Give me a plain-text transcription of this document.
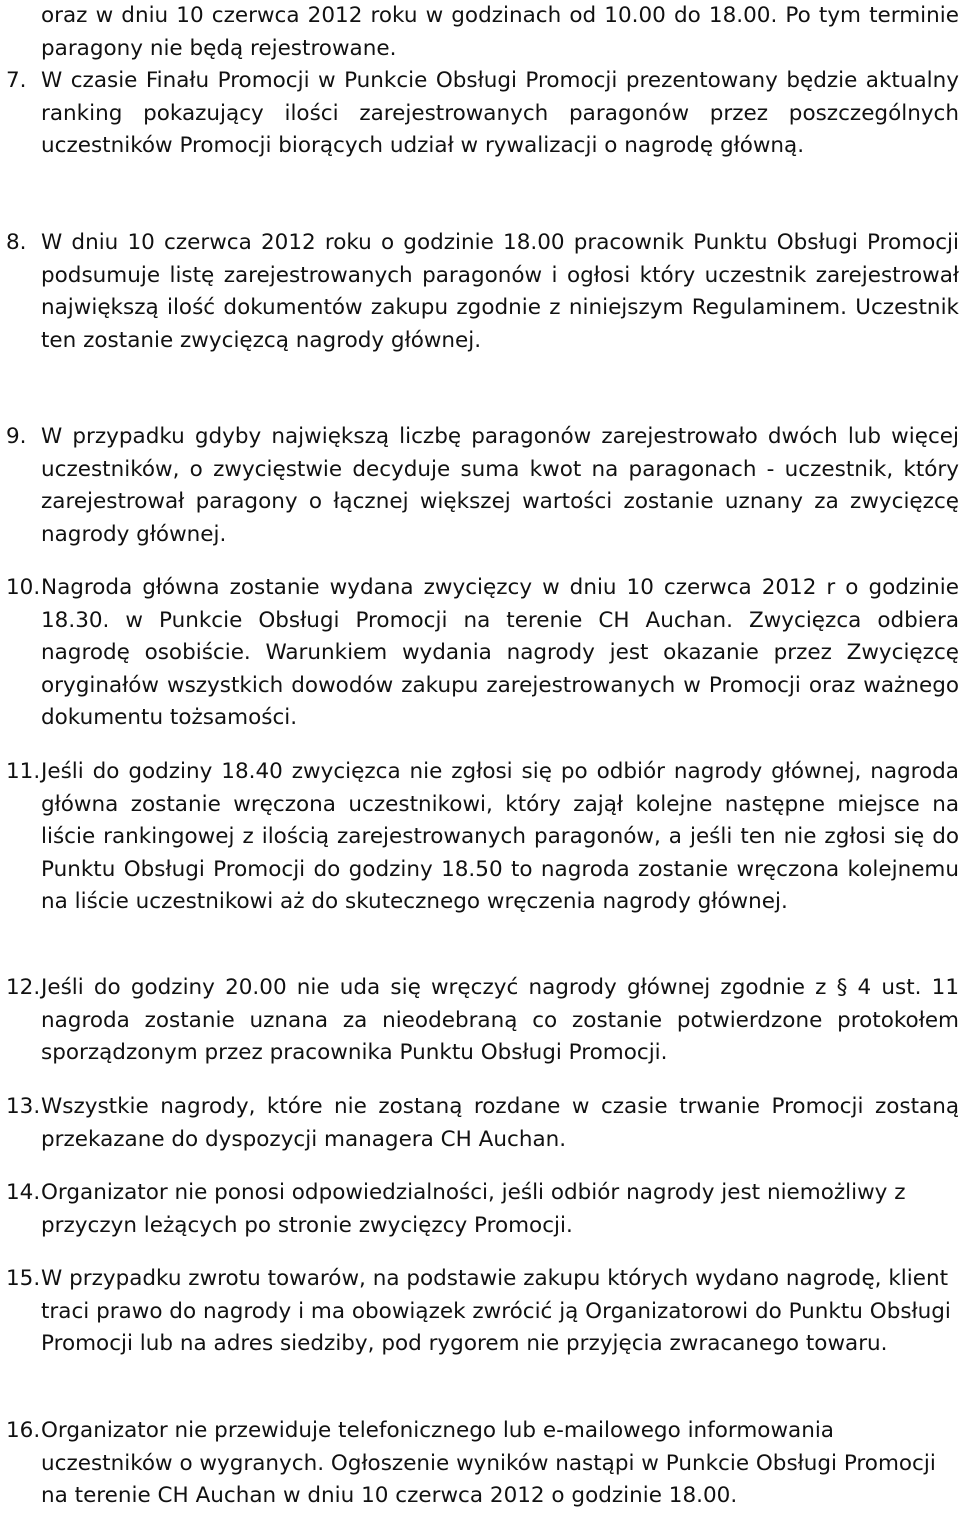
oraz w dniu 10 czerwca 2012 roku w godzinach od 10.00 do 18.00. Po tym terminie paragony nie będą rejestrowane.
7. W czasie Finału Promocji w Punkcie Obsługi Promocji prezentowany będzie aktualny ranking pokazujący ilości zarejestrowanych paragonów przez poszczególnych uczestników Promocji biorących udział w rywalizacji o nagrodę główną.
8. W dniu 10 czerwca 2012 roku o godzinie 18.00 pracownik Punktu Obsługi Promocji podsumuje listę zarejestrowanych paragonów i ogłosi który uczestnik zarejestrował największą ilość dokumentów zakupu zgodnie z niniejszym Regulaminem. Uczestnik ten zostanie zwycięzcą nagrody głównej.
9. W przypadku gdyby największą liczbę paragonów zarejestrowało dwóch lub więcej uczestników, o zwycięstwie decyduje suma kwot na paragonach - uczestnik, który zarejestrował paragony o łącznej większej wartości zostanie uznany za zwycięzcę nagrody głównej.
10. Nagroda główna zostanie wydana zwycięzcy w dniu 10 czerwca 2012 r o godzinie 18.30. w Punkcie Obsługi Promocji na terenie CH Auchan. Zwycięzca odbiera nagrodę osobiście. Warunkiem wydania nagrody jest okazanie przez Zwycięzcę oryginałów wszystkich dowodów zakupu zarejestrowanych w Promocji oraz ważnego dokumentu tożsamości.
11. Jeśli do godziny 18.40 zwycięzca nie zgłosi się po odbiór nagrody głównej, nagroda główna zostanie wręczona uczestnikowi, który zajął kolejne następne miejsce na liście rankingowej z ilością zarejestrowanych paragonów, a jeśli ten nie zgłosi się do Punktu Obsługi Promocji do godziny 18.50 to nagroda zostanie wręczona kolejnemu na liście uczestnikowi aż do skutecznego wręczenia nagrody głównej.
12. Jeśli do godziny 20.00 nie uda się wręczyć nagrody głównej zgodnie z § 4 ust. 11 nagroda zostanie uznana za nieodebraną co zostanie potwierdzone protokołem sporządzonym przez pracownika Punktu Obsługi Promocji.
13. Wszystkie nagrody, które nie zostaną rozdane w czasie trwanie Promocji zostaną przekazane do dyspozycji managera CH Auchan.
14. Organizator nie ponosi odpowiedzialności, jeśli odbiór nagrody jest niemożliwy z przyczyn leżących po stronie zwycięzcy Promocji.
15. W przypadku zwrotu towarów, na podstawie zakupu których wydano nagrodę, klient traci prawo do nagrody i ma obowiązek zwrócić ją Organizatorowi do Punktu Obsługi Promocji lub na adres siedziby, pod rygorem nie przyjęcia zwracanego towaru.
16. Organizator nie przewiduje telefonicznego lub e-mailowego informowania uczestników o wygranych. Ogłoszenie wyników nastąpi w Punkcie Obsługi Promocji na terenie CH Auchan w dniu 10 czerwca 2012 o godzinie 18.00.
